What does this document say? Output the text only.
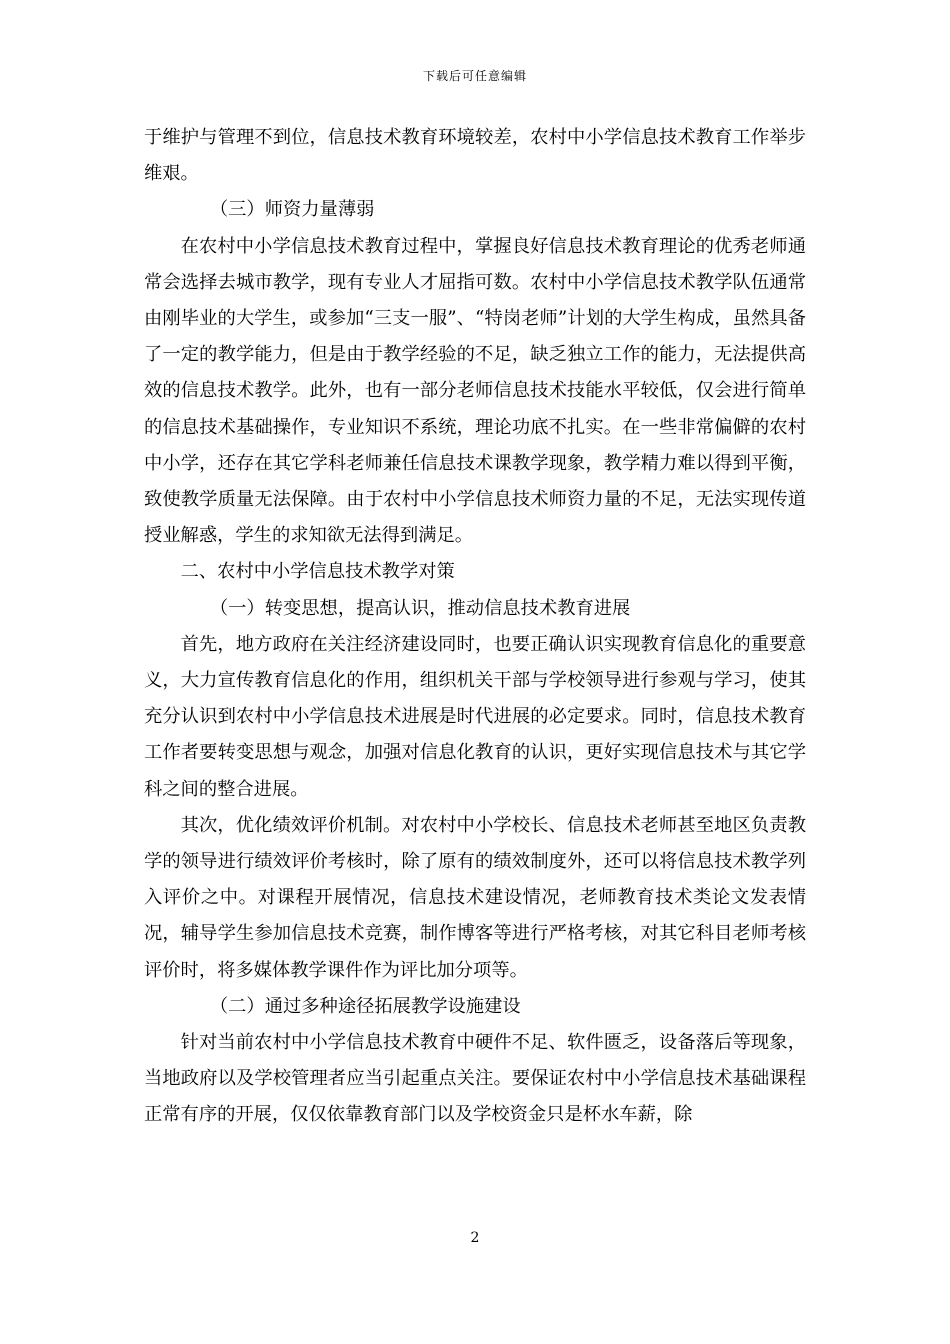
下载后可任意编辑

于维护与管理不到位，信息技术教育环境较差，农村中小学信息技术教育工作举步维艰。

（三）师资力量薄弱

在农村中小学信息技术教育过程中，掌握良好信息技术教育理论的优秀老师通常会选择去城市教学，现有专业人才屈指可数。农村中小学信息技术教学队伍通常由刚毕业的大学生，或参加“三支一服”、“特岗老师”计划的大学生构成，虽然具备了一定的教学能力，但是由于教学经验的不足，缺乏独立工作的能力，无法提供高效的信息技术教学。此外，也有一部分老师信息技术技能水平较低，仅会进行简单的信息技术基础操作，专业知识不系统，理论功底不扎实。在一些非常偏僻的农村中小学，还存在其它学科老师兼任信息技术课教学现象，教学精力难以得到平衡，致使教学质量无法保障。由于农村中小学信息技术师资力量的不足，无法实现传道授业解惑，学生的求知欲无法得到满足。

二、农村中小学信息技术教学对策

（一）转变思想，提高认识，推动信息技术教育进展

首先，地方政府在关注经济建设同时，也要正确认识实现教育信息化的重要意义，大力宣传教育信息化的作用，组织机关干部与学校领导进行参观与学习，使其充分认识到农村中小学信息技术进展是时代进展的必定要求。同时，信息技术教育工作者要转变思想与观念，加强对信息化教育的认识，更好实现信息技术与其它学科之间的整合进展。

其次，优化绩效评价机制。对农村中小学校长、信息技术老师甚至地区负责教学的领导进行绩效评价考核时，除了原有的绩效制度外，还可以将信息技术教学列入评价之中。对课程开展情况，信息技术建设情况，老师教育技术类论文发表情况，辅导学生参加信息技术竞赛，制作博客等进行严格考核，对其它科目老师考核评价时，将多媒体教学课件作为评比加分项等。

（二）通过多种途径拓展教学设施建设

针对当前农村中小学信息技术教育中硬件不足、软件匮乏，设备落后等现象，当地政府以及学校管理者应当引起重点关注。要保证农村中小学信息技术基础课程正常有序的开展，仅仅依靠教育部门以及学校资金只是杯水车薪，除

2
